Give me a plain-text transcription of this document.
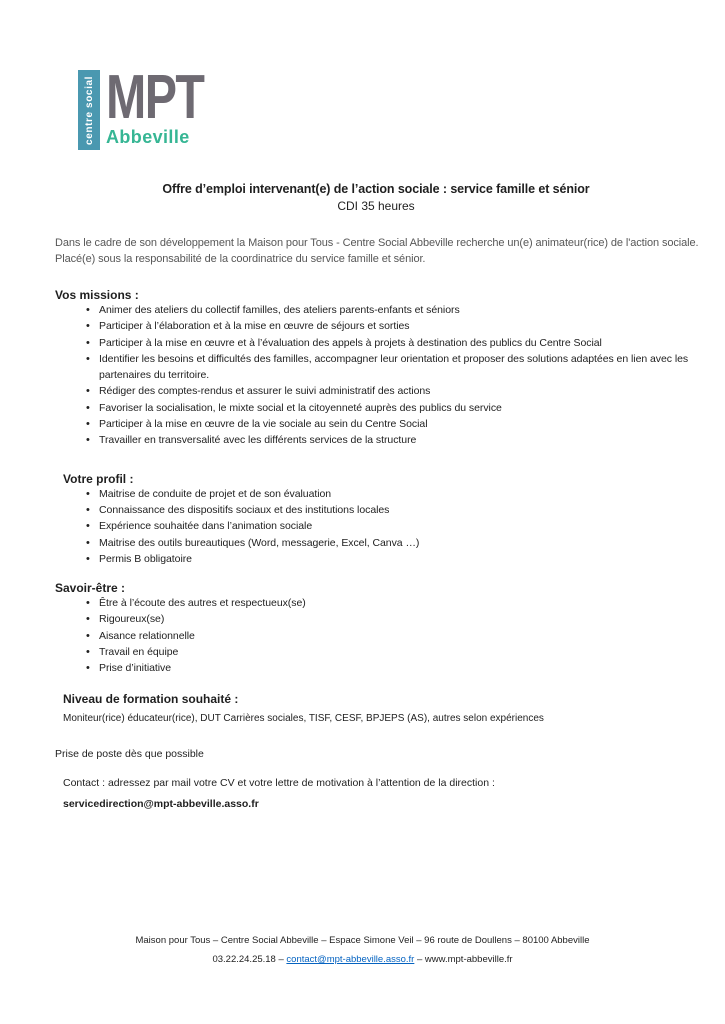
centre social MPT
Abbeville
Offre d’emploi intervenant(e) de l’action sociale : service famille et sénior

CDI 35 heures

Dans le cadre de son développement la Maison pour Tous - Centre Social Abbeville recherche un(e) animateur(rice) de l'action sociale. Placé(e) sous la responsabilité de la coordinatrice du service famille et sénior.

Vos missions :
• Animer des ateliers du collectif familles, des ateliers parents-enfants et séniors
• Participer à l’élaboration et à la mise en œuvre de séjours et sorties
• Participer à la mise en œuvre et à l’évaluation des appels à projets à destination des publics du Centre Social
• Identifier les besoins et difficultés des familles, accompagner leur orientation et proposer des solutions adaptées en lien avec les partenaires du territoire.
• Rédiger des comptes-rendus et assurer le suivi administratif des actions
• Favoriser la socialisation, le mixte social et la citoyenneté auprès des publics du service
• Participer à la mise en œuvre de la vie sociale au sein du Centre Social
• Travailler en transversalité avec les différents services de la structure
Votre profil :
• Maitrise de conduite de projet et de son évaluation
• Connaissance des dispositifs sociaux et des institutions locales
• Expérience souhaitée dans l’animation sociale
• Maitrise des outils bureautiques (Word, messagerie, Excel, Canva …)
• Permis B obligatoire
Savoir-être :
• Être à l’écoute des autres et respectueux(se)
• Rigoureux(se)
• Aisance relationnelle
• Travail en équipe
• Prise d’initiative
Niveau de formation souhaité :

Moniteur(rice) éducateur(rice), DUT Carrières sociales, TISF, CESF, BPJEPS (AS), autres selon expériences

Prise de poste dès que possible

Contact : adressez par mail votre CV et votre lettre de motivation à l’attention de la direction :

servicedirection@mpt-abbeville.asso.fr

Maison pour Tous – Centre Social Abbeville – Espace Simone Veil – 96 route de Doullens – 80100 Abbeville

03.22.24.25.18 – contact@mpt-abbeville.asso.fr – www.mpt-abbeville.fr
